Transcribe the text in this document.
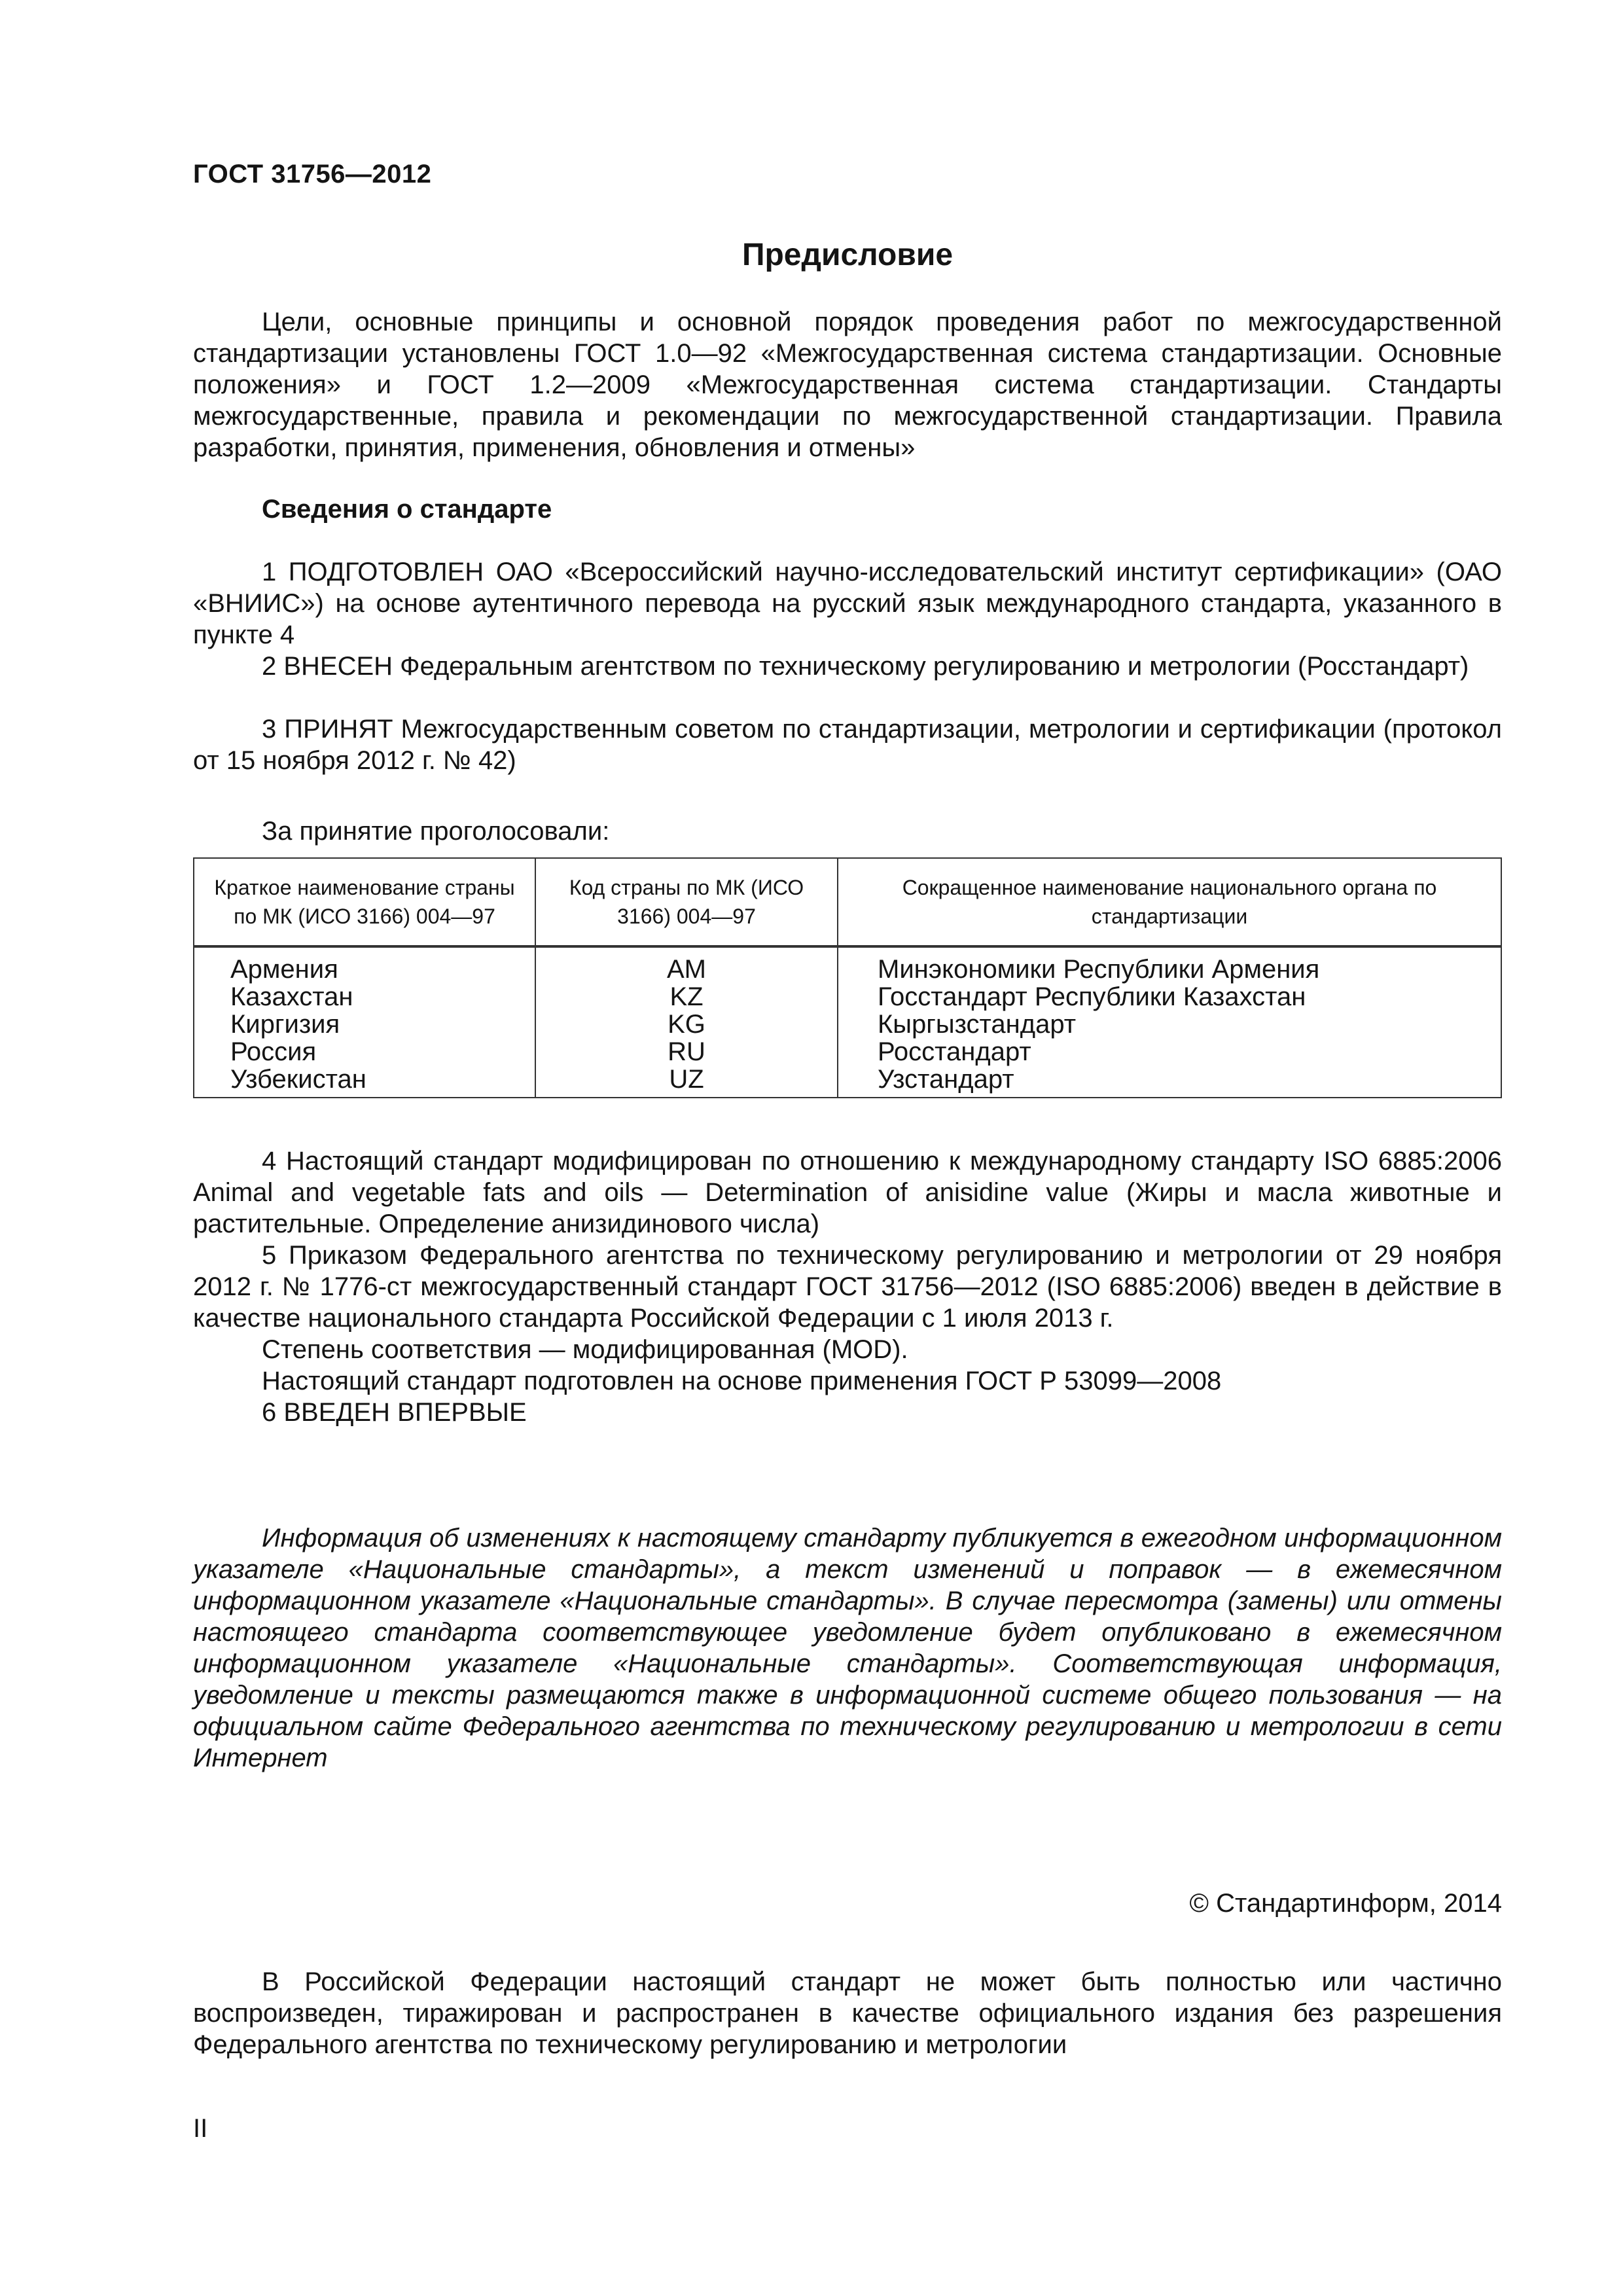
ГОСТ 31756—2012
Предисловие

Цели, основные принципы и основной порядок проведения работ по межгосударственной стандартизации установлены ГОСТ 1.0—92 «Межгосударственная система стандартизации. Основные положения» и ГОСТ 1.2—2009 «Межгосударственная система стандартизации. Стандарты межгосударственные, правила и рекомендации по межгосударственной стандартизации. Правила разработки, принятия, применения, обновления и отмены»

Сведения о стандарте

1 ПОДГОТОВЛЕН ОАО «Всероссийский научно-исследовательский институт сертификации» (ОАО «ВНИИС») на основе аутентичного перевода на русский язык международного стандарта, указанного в пункте 4

2 ВНЕСЕН Федеральным агентством по техническому регулированию и метрологии (Росстандарт)

3 ПРИНЯТ Межгосударственным советом по стандартизации, метрологии и сертификации (протокол от 15 ноября 2012 г. № 42)

За принятие проголосовали:
Краткое наименование страны по МК (ИСО 3166) 004—97	Код страны по МК (ИСО 3166) 004—97	Сокращенное наименование национального органа по стандартизации

Армения	AM	Минэкономики Республики Армения
Казахстан	KZ	Госстандарт Республики Казахстан
Киргизия	KG	Кыргызстандарт
Россия	RU	Росстандарт
Узбекистан	UZ	Узстандарт

4 Настоящий стандарт модифицирован по отношению к международному стандарту ISO 6885:2006 Animal and vegetable fats and oils — Determination of anisidine value (Жиры и масла животные и растительные. Определение анизидинового числа)

5 Приказом Федерального агентства по техническому регулированию и метрологии от 29 ноября 2012 г. № 1776-ст межгосударственный стандарт ГОСТ 31756—2012 (ISO 6885:2006) введен в действие в качестве национального стандарта Российской Федерации с 1 июля 2013 г.

Степень соответствия — модифицированная (MOD).

Настоящий стандарт подготовлен на основе применения ГОСТ Р 53099—2008

6 ВВЕДЕН ВПЕРВЫЕ

Информация об изменениях к настоящему стандарту публикуется в ежегодном информационном указателе «Национальные стандарты», а текст изменений и поправок — в ежемесячном информационном указателе «Национальные стандарты». В случае пересмотра (замены) или отмены настоящего стандарта соответствующее уведомление будет опубликовано в ежемесячном информационном указателе «Национальные стандарты». Соответствующая информация, уведомление и тексты размещаются также в информационной системе общего пользования — на официальном сайте Федерального агентства по техническому регулированию и метрологии в сети Интернет

© Стандартинформ, 2014

В Российской Федерации настоящий стандарт не может быть полностью или частично воспроизведен, тиражирован и распространен в качестве официального издания без разрешения Федерального агентства по техническому регулированию и метрологии

II
